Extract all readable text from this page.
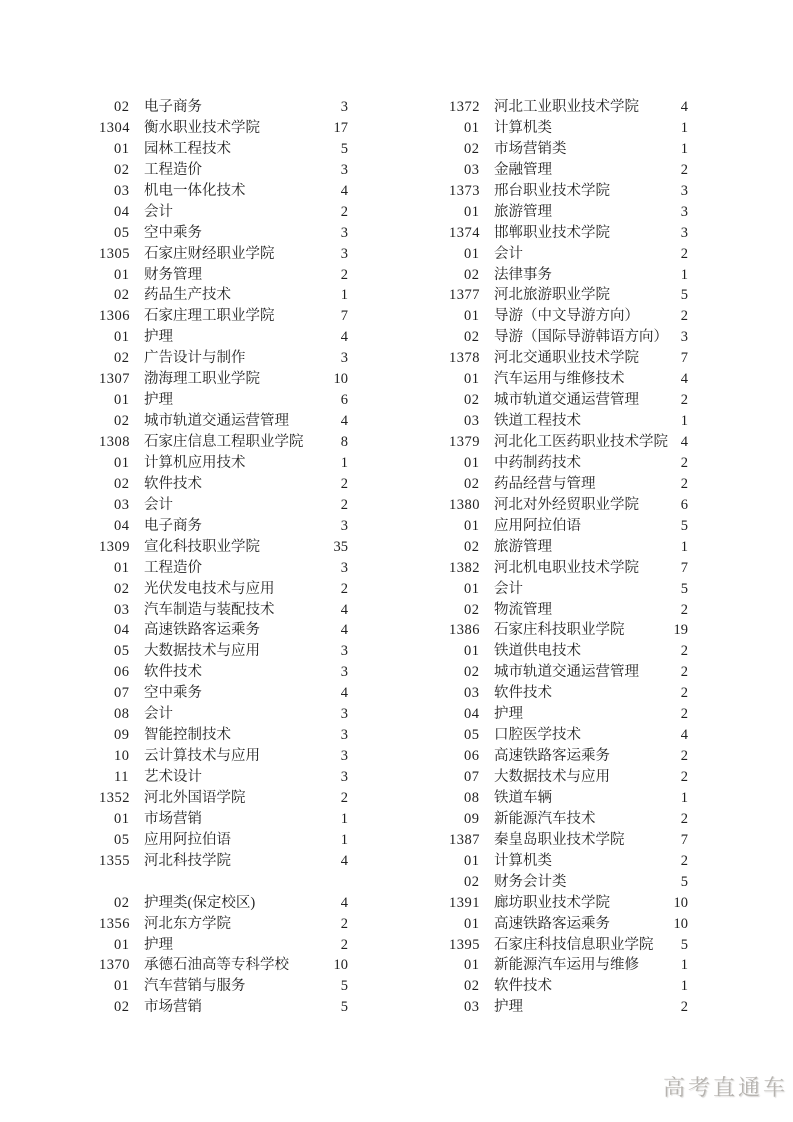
02 电子商务	3
1304 衡水职业技术学院	17
01 园林工程技术	5
02 工程造价	3
03 机电一体化技术	4
04 会计	2
05 空中乘务	3
1305 石家庄财经职业学院	3
01 财务管理	2
02 药品生产技术	1
1306 石家庄理工职业学院	7
01 护理	4
02 广告设计与制作	3
1307 渤海理工职业学院	10
01 护理	6
02 城市轨道交通运营管理	4
1308 石家庄信息工程职业学院	8
01 计算机应用技术	1
02 软件技术	2
03 会计	2
04 电子商务	3
1309 宣化科技职业学院	35
01 工程造价	3
02 光伏发电技术与应用	2
03 汽车制造与装配技术	4
04 高速铁路客运乘务	4
05 大数据技术与应用	3
06 软件技术	3
07 空中乘务	4
08 会计	3
09 智能控制技术	3
10 云计算技术与应用	3
11 艺术设计	3
1352 河北外国语学院	2
01 市场营销	1
05 应用阿拉伯语	1
1355 河北科技学院	4
02 护理类(保定校区)	4
1356 河北东方学院	2
01 护理	2
1370 承德石油高等专科学校	10
01 汽车营销与服务	5
02 市场营销	5
1372 河北工业职业技术学院	4
01 计算机类	1
02 市场营销类	1
03 金融管理	2
1373 邢台职业技术学院	3
01 旅游管理	3
1374 邯郸职业技术学院	3
01 会计	2
02 法律事务	1
1377 河北旅游职业学院	5
01 导游（中文导游方向）	2
02 导游（国际导游韩语方向） 3
1378 河北交通职业技术学院	7
01 汽车运用与维修技术	4
02 城市轨道交通运营管理	2
03 铁道工程技术	1
1379 河北化工医药职业技术学院 4
01 中药制药技术	2
02 药品经营与管理	2
1380 河北对外经贸职业学院	6
01 应用阿拉伯语	5
02 旅游管理	1
1382 河北机电职业技术学院	7
01 会计	5
02 物流管理	2
1386 石家庄科技职业学院	19
01 铁道供电技术	2
02 城市轨道交通运营管理	2
03 软件技术	2
04 护理	2
05 口腔医学技术	4
06 高速铁路客运乘务	2
07 大数据技术与应用	2
08 铁道车辆	1
09 新能源汽车技术	2
1387 秦皇岛职业技术学院	7
01 计算机类	2
02 财务会计类	5
1391 廊坊职业技术学院	10
01 高速铁路客运乘务	10
1395 石家庄科技信息职业学院 5
01 新能源汽车运用与维修	1
02 软件技术	1
03 护理	2
高考直通车
